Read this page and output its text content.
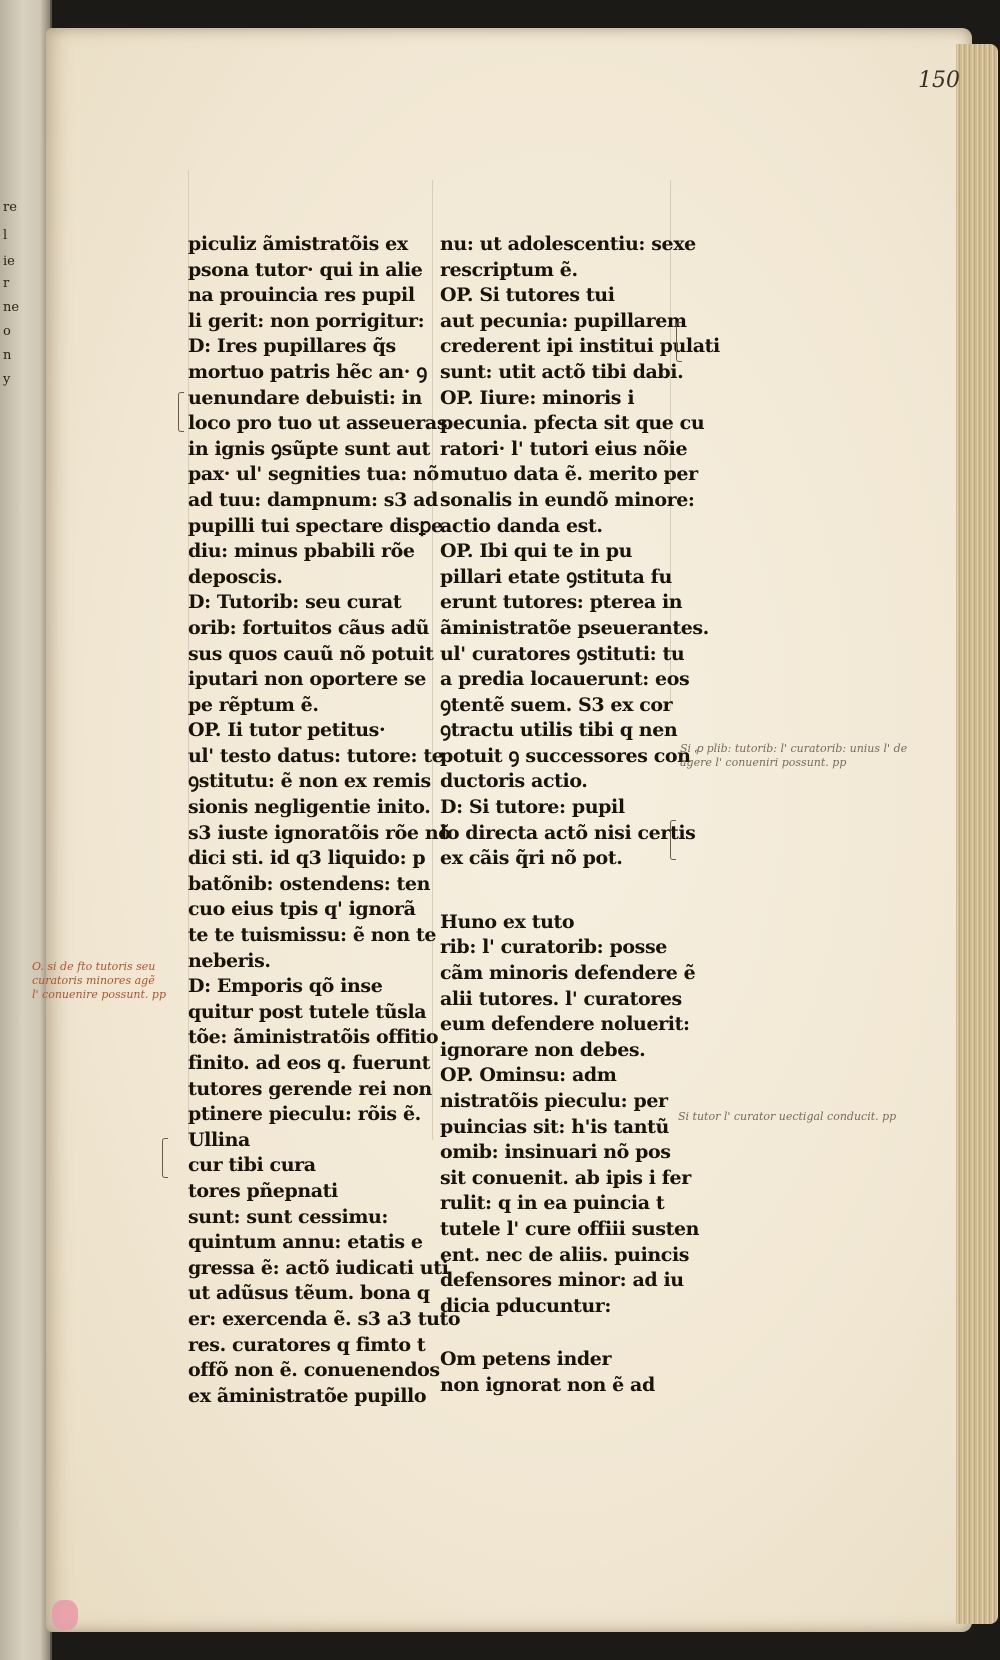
re
l
ie
r
ne
o
n
y
150
piculiz ãmistratõis ex
psona tutor· qui in alie
na prouincia res pupil
li gerit: non porrigitur:
D: Ires pupillares q̃s
mortuo patris hẽc an· ꝯ
uenundare debuisti: in
loco pro tuo ut asseueras
in ignis ꝯsũpte sunt aut
pax· ul' segnities tua: nõ
ad tuu: dampnum: s3 ad
pupilli tui spectare disꝑe
diu: minus pbabili rõe
deposcis.
D: Tutorib: seu curat
orib: fortuitos cãus adũ
sus quos cauũ nõ potuit
iputari non oportere se
pe rẽptum ẽ.
OP. Ii tutor petitus·
ul' testo datus: tutore: te
ꝯstitutu: ẽ non ex remis
sionis negligentie inito.
s3 iuste ignoratõis rõe nõ
dici sti. id q3 liquido: p
batõnib: ostendens: ten
cuo eius tpis q' ignorã
te te tuismissu: ẽ non te
neberis.
D: Emporis qõ inse
quitur post tutele tũsla
tõe: ãministratõis offitio
finito. ad eos q. fuerunt
tutores gerende rei non
ptinere pieculu: rõis ẽ.
Ullina
cur tibi cura
tores pñepnati
sunt: sunt cessimu:
quintum annu: etatis e
gressa ẽ: actõ iudicati uti
ut adũsus tẽum. bona q
er: exercenda ẽ. s3 a3 tuto
res. curatores q fimto t
offõ non ẽ. conuenendos
ex ãministratõe pupillo
nu: ut adolescentiu: sexe
rescriptum ẽ.
OP. Si tutores tui
aut pecunia: pupillarem
crederent ipi institui pulati
sunt: utit actõ tibi dabi.
OP. Iiure: minoris i
pecunia. pfecta sit que cu
ratori· l' tutori eius nõie
mutuo data ẽ. merito per
sonalis in eundõ minore:
actio danda est.
OP. Ibi qui te in pu
pillari etate ꝯstituta fu
erunt tutores: pterea in
ãministratõe pseuerantes.
ul' curatores ꝯstituti: tu
a predia locauerunt: eos
ꝯtentẽ suem. S3 ex cor
ꝯtractu utilis tibi q nen
potuit ꝯ successores con
ductoris actio.
D: Si tutore: pupil
lo directa actõ nisi certis
ex cãis q̃ri nõ pot.
Huno ex tuto
rib: l' curatorib: posse
cãm minoris defendere ẽ
alii tutores. l' curatores
eum defendere noluerit:
ignorare non debes.
OP. Ominsu: adm
nistratõis pieculu: per
puincias sit: h'is tantũ
omib: insinuari nõ pos
sit conuenit. ab ipis i fer
rulit: q in ea puincia t
tutele l' cure offiii susten
ent. nec de aliis. puincis
defensores minor: ad iu
dicia pducuntur:
Om petens inder
non ignorat non ẽ ad
O. si de fto tutoris seu
curatoris minores agẽ
l' conuenire possunt. pp
Si ꝓ plib: tutorib: l' curatorib: unius l' de
agere l' conueniri possunt. pp
Si tutor l' curator uectigal conducit. pp
